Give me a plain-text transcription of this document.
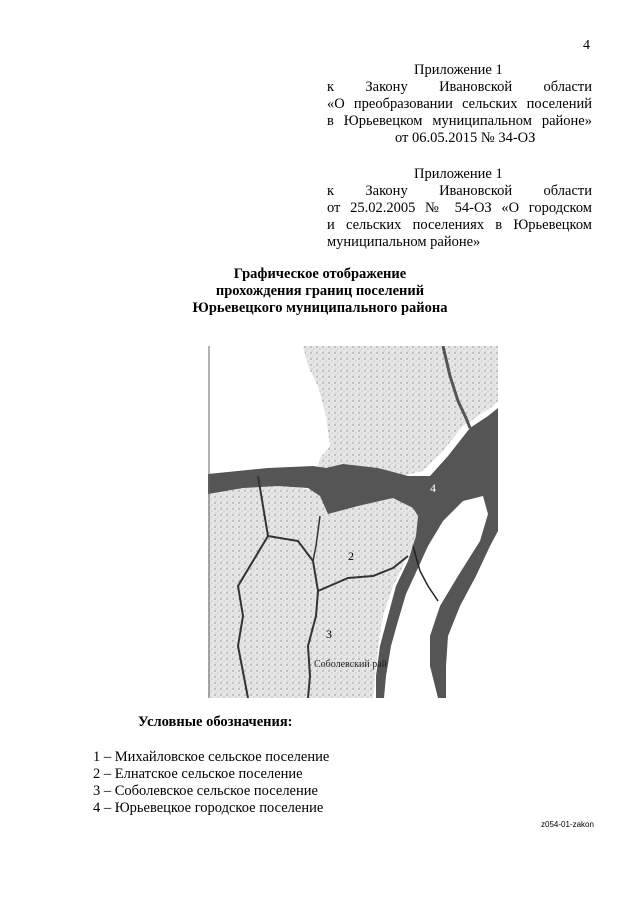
4
Приложение 1
к Закону Ивановской области
«О преобразовании сельских поселений
в Юрьевецком муниципальном районе»
от 06.05.2015 № 34-ОЗ
Приложение 1
к Закону Ивановской области
от 25.02.2005 № 54-ОЗ «О городском
и сельских поселениях в Юрьевецком
муниципальном районе»
Графическое отображение
прохождения границ поселений
Юрьевецкого муниципального района
2
3
4
Соболевский рай
Условные обозначения:
1 – Михайловское сельское поселение
2 – Елнатское сельское поселение
3 – Соболевское сельское поселение
4 – Юрьевецкое городское поселение
z054-01-zakon
